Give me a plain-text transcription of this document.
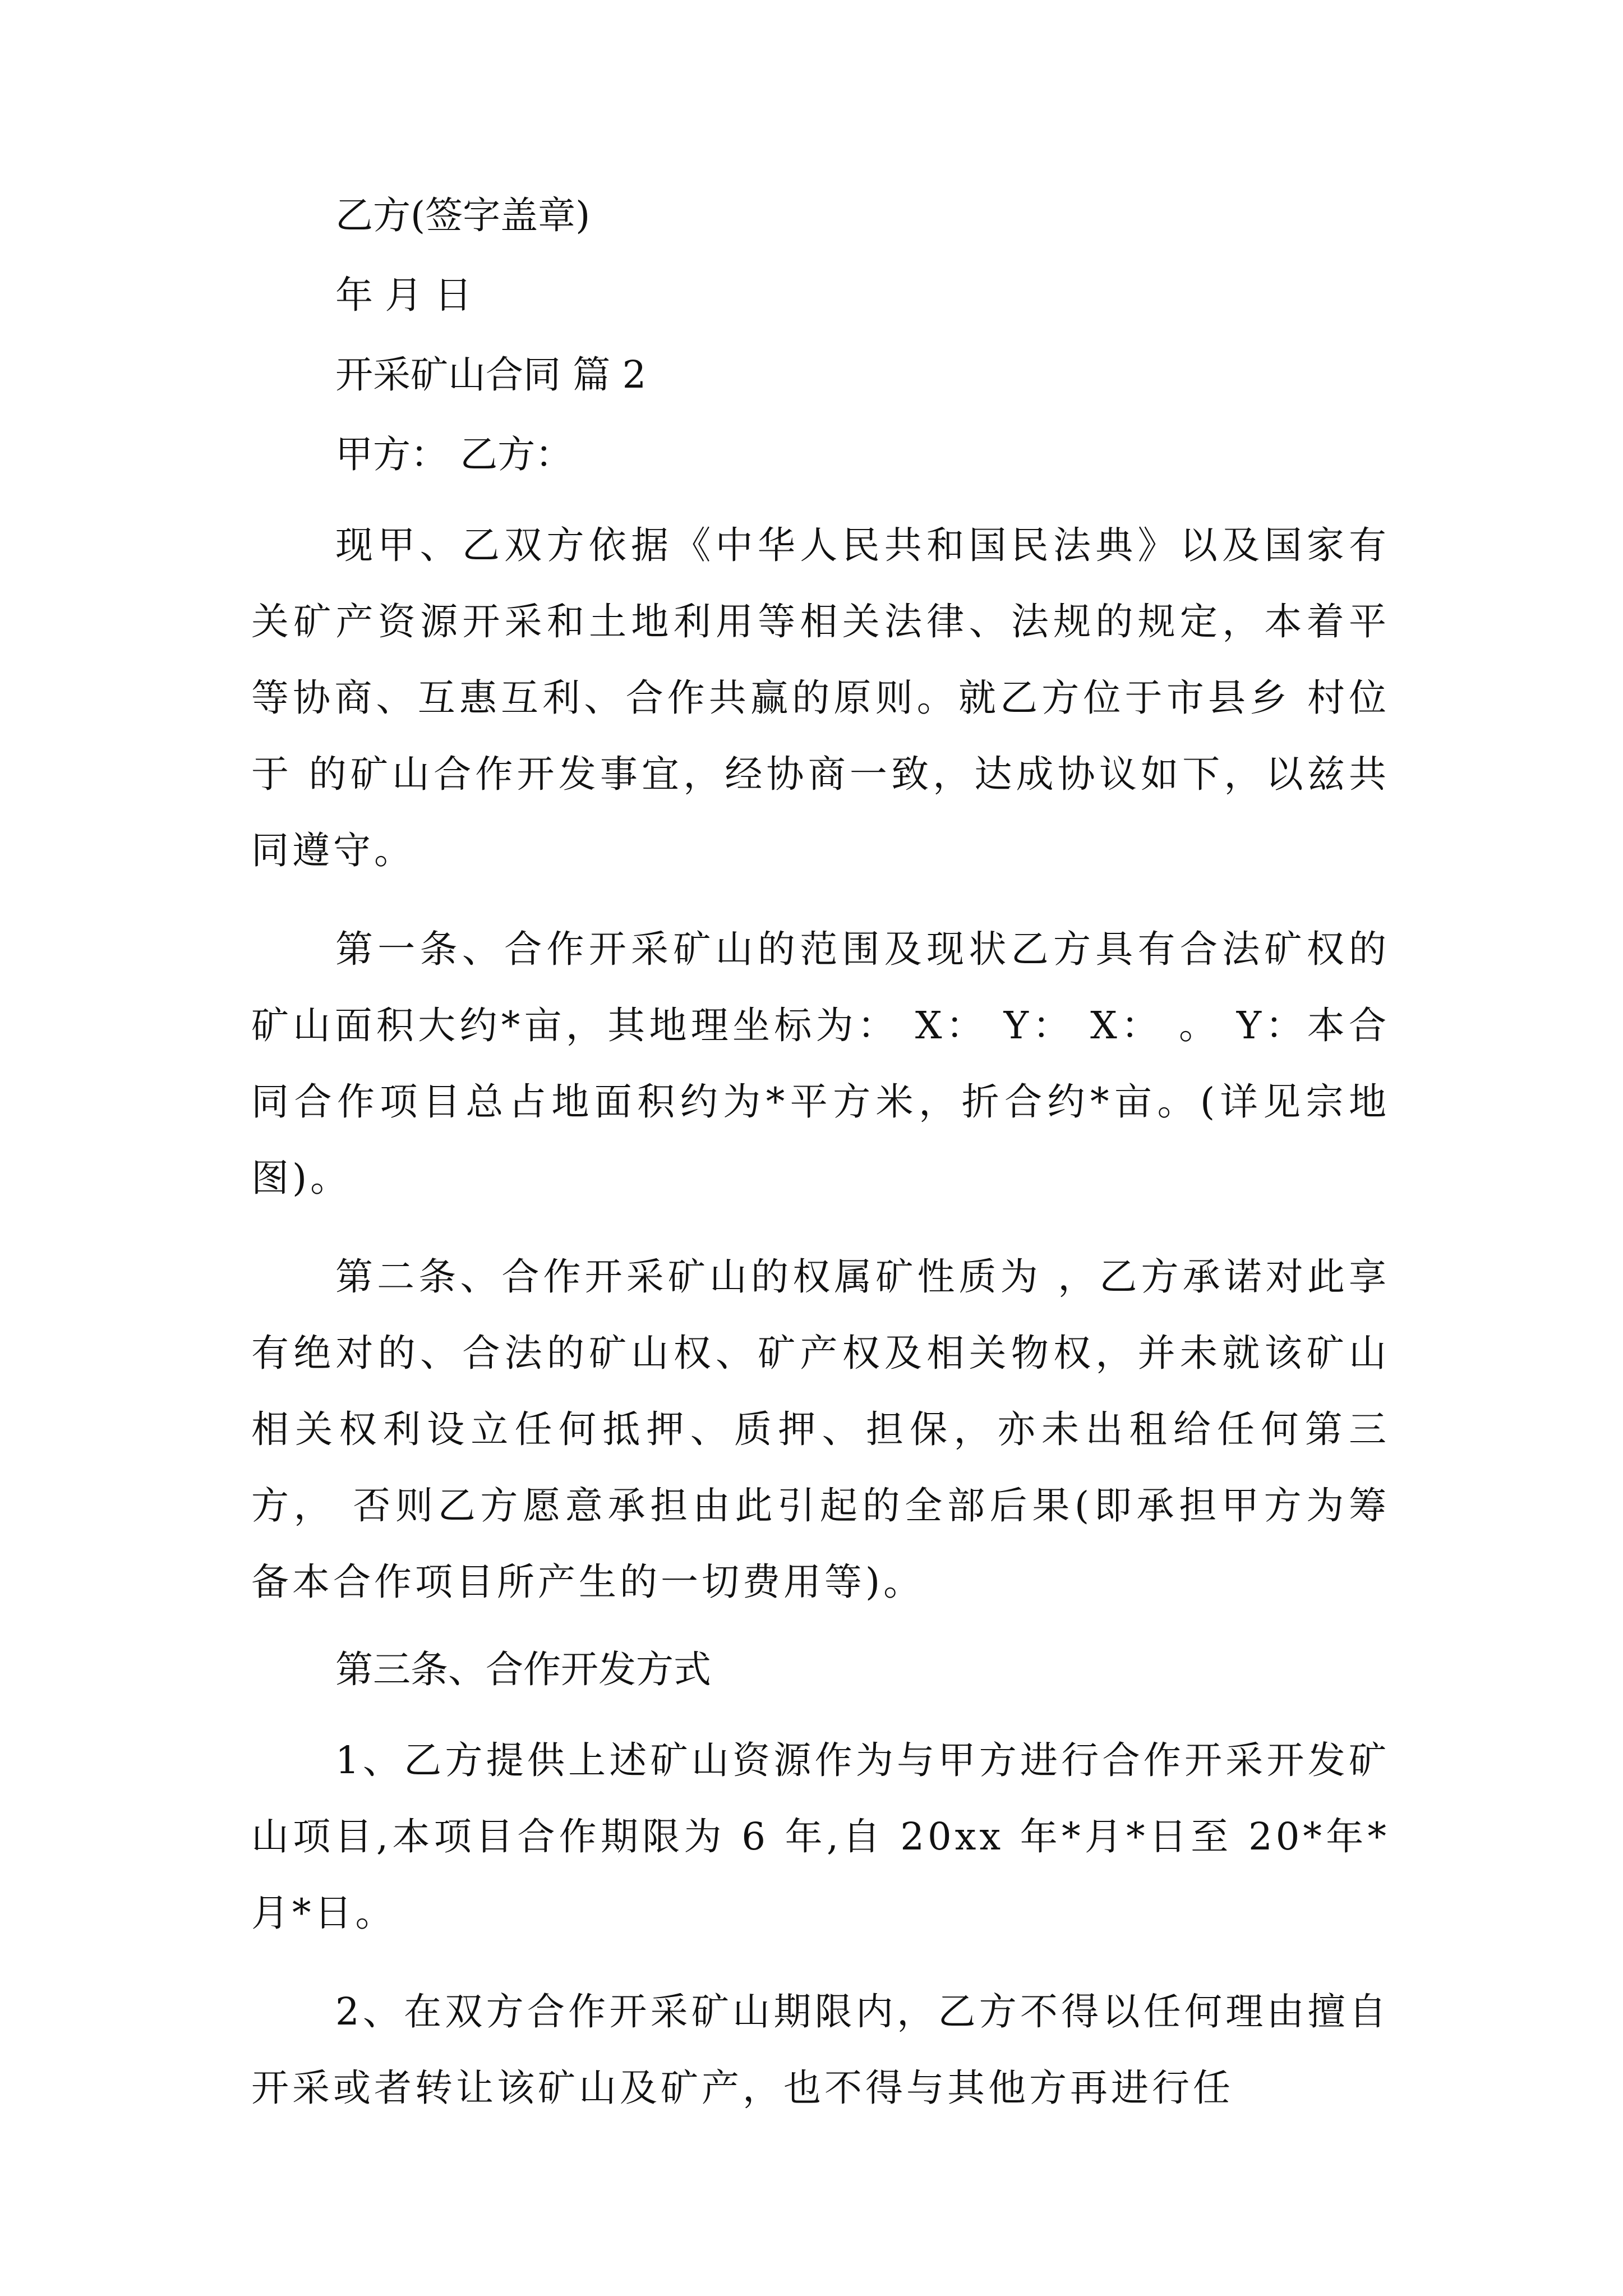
乙方(签字盖章)

年 月 日

开采矿山合同 篇 2

甲方： 乙方：

现甲、乙双方依据《中华人民共和国民法典》以及国家有关矿产资源开采和土地利用等相关法律、法规的规定，本着平等协商、互惠互利、合作共赢的原则。就乙方位于市县乡 村位于 的矿山合作开发事宜，经协商一致，达成协议如下，以兹共同遵守。

第一条、合作开采矿山的范围及现状乙方具有合法矿权的矿山面积大约*亩，其地理坐标为： X： Y： X： 。 Y：本合同合作项目总占地面积约为*平方米，折合约*亩。(详见宗地图)。

第二条、合作开采矿山的权属矿性质为 ，乙方承诺对此享有绝对的、合法的矿山权、矿产权及相关物权，并未就该矿山相关权利设立任何抵押、质押、担保，亦未出租给任何第三方， 否则乙方愿意承担由此引起的全部后果(即承担甲方为筹备本合作项目所产生的一切费用等)。

第三条、合作开发方式

1、乙方提供上述矿山资源作为与甲方进行合作开采开发矿山项目,本项目合作期限为 6 年,自 20xx 年*月*日至 20*年*月*日。

2、在双方合作开采矿山期限内，乙方不得以任何理由擅自开采或者转让该矿山及矿产，也不得与其他方再进行任
